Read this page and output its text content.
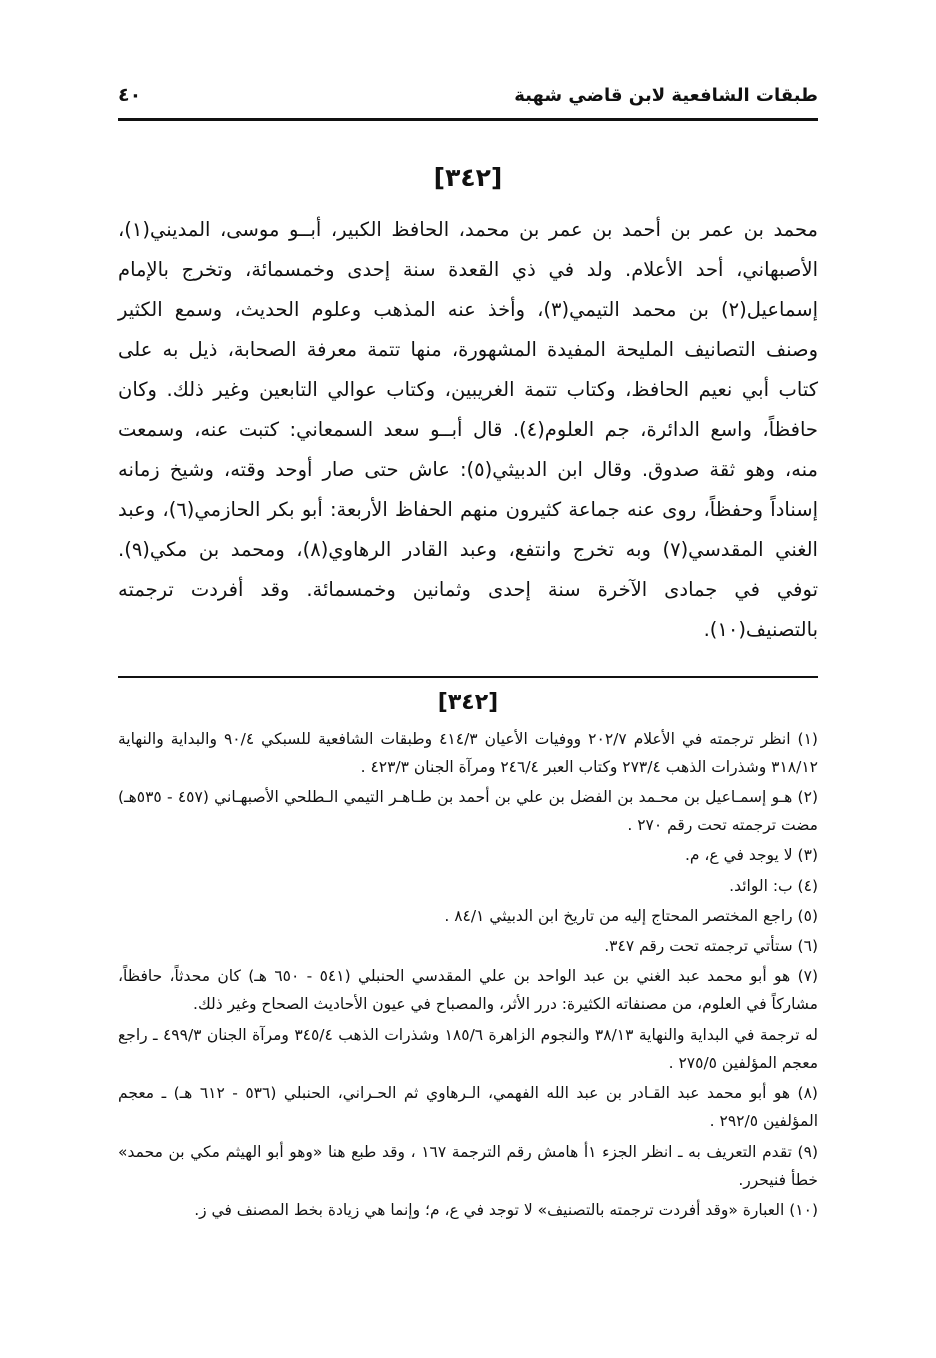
٤٠	طبقات الشافعية لابن قاضي شهبة
[٣٤٢]
محمد بن عمر بن أحمد بن عمر بن محمد، الحافظ الكبير، أبــو موسى، المديني(١)، الأصبهاني، أحد الأعلام. ولد في ذي القعدة سنة إحدى وخمسمائة، وتخرج بالإمام إسماعيل(٢) بن محمد التيمي(٣)، وأخذ عنه المذهب وعلوم الحديث، وسمع الكثير وصنف التصانيف المليحة المفيدة المشهورة، منها تتمة معرفة الصحابة، ذيل به على كتاب أبي نعيم الحافظ، وكتاب تتمة الغريبين، وكتاب عوالي التابعين وغير ذلك. وكان حافظاً، واسع الدائرة، جم العلوم(٤). قال أبــو سعد السمعاني: كتبت عنه، وسمعت منه، وهو ثقة صدوق. وقال ابن الدبيثي(٥): عاش حتى صار أوحد وقته، وشيخ زمانه إسناداً وحفظاً، روى عنه جماعة كثيرون منهم الحفاظ الأربعة: أبو بكر الحازمي(٦)، وعبد الغني المقدسي(٧) وبه تخرج وانتفع، وعبد القادر الرهاوي(٨)، ومحمد بن مكي(٩). توفي في جمادى الآخرة سنة إحدى وثمانين وخمسمائة. وقد أفردت ترجمته بالتصنيف(١٠).
[٣٤٢]
(١) انظر ترجمته في الأعلام ٢٠٢/٧ ووفيات الأعيان ٤١٤/٣ وطبقات الشافعية للسبكي ٩٠/٤ والبداية والنهاية ٣١٨/١٢ وشذرات الذهب ٢٧٣/٤ وكتاب العبر ٢٤٦/٤ ومرآة الجنان ٤٢٣/٣ .
(٢) هـو إسمـاعيل بن محـمد بن الفضل بن علي بن أحمد بن طـاهـر التيمي الـطلحي الأصبهـاني (٤٥٧ - ٥٣٥هـ) مضت ترجمته تحت رقم ٢٧٠ .
(٣) لا يوجد في ع، م.
(٤) ب: الوائد.
(٥) راجع المختصر المحتاج إليه من تاريخ ابن الدبيثي ٨٤/١ .
(٦) ستأتي ترجمته تحت رقم ٣٤٧.
(٧) هو أبو محمد عبد الغني بن عبد الواحد بن علي المقدسي الحنبلي (٥٤١ - ٦٥٠ هـ) كان محدثاً، حافظاً، مشاركاً في العلوم، من مصنفاته الكثيرة: درر الأثر، والمصباح في عيون الأحاديث الصحاح وغير ذلك.
له ترجمة في البداية والنهاية ٣٨/١٣ والنجوم الزاهرة ١٨٥/٦ وشذرات الذهب ٣٤٥/٤ ومرآة الجنان ٤٩٩/٣ ـ راجع معجم المؤلفين ٢٧٥/٥ .
(٨) هو أبو محمد عبد القـادر بن عبد الله الفهمي، الـرهاوي ثم الحـراني، الحنبلي (٥٣٦ - ٦١٢ هـ) ـ معجم المؤلفين ٢٩٢/٥ .
(٩) تقدم التعريف به ـ انظر الجزء ١أ هامش رقم الترجمة ١٦٧ ، وقد طبع هنا «وهو أبو الهيثم مكي بن محمد» خطأ فنيحرر.
(١٠) العبارة «وقد أفردت ترجمته بالتصنيف» لا توجد في ع، م؛ وإنما هي زيادة بخط المصنف في ز.
